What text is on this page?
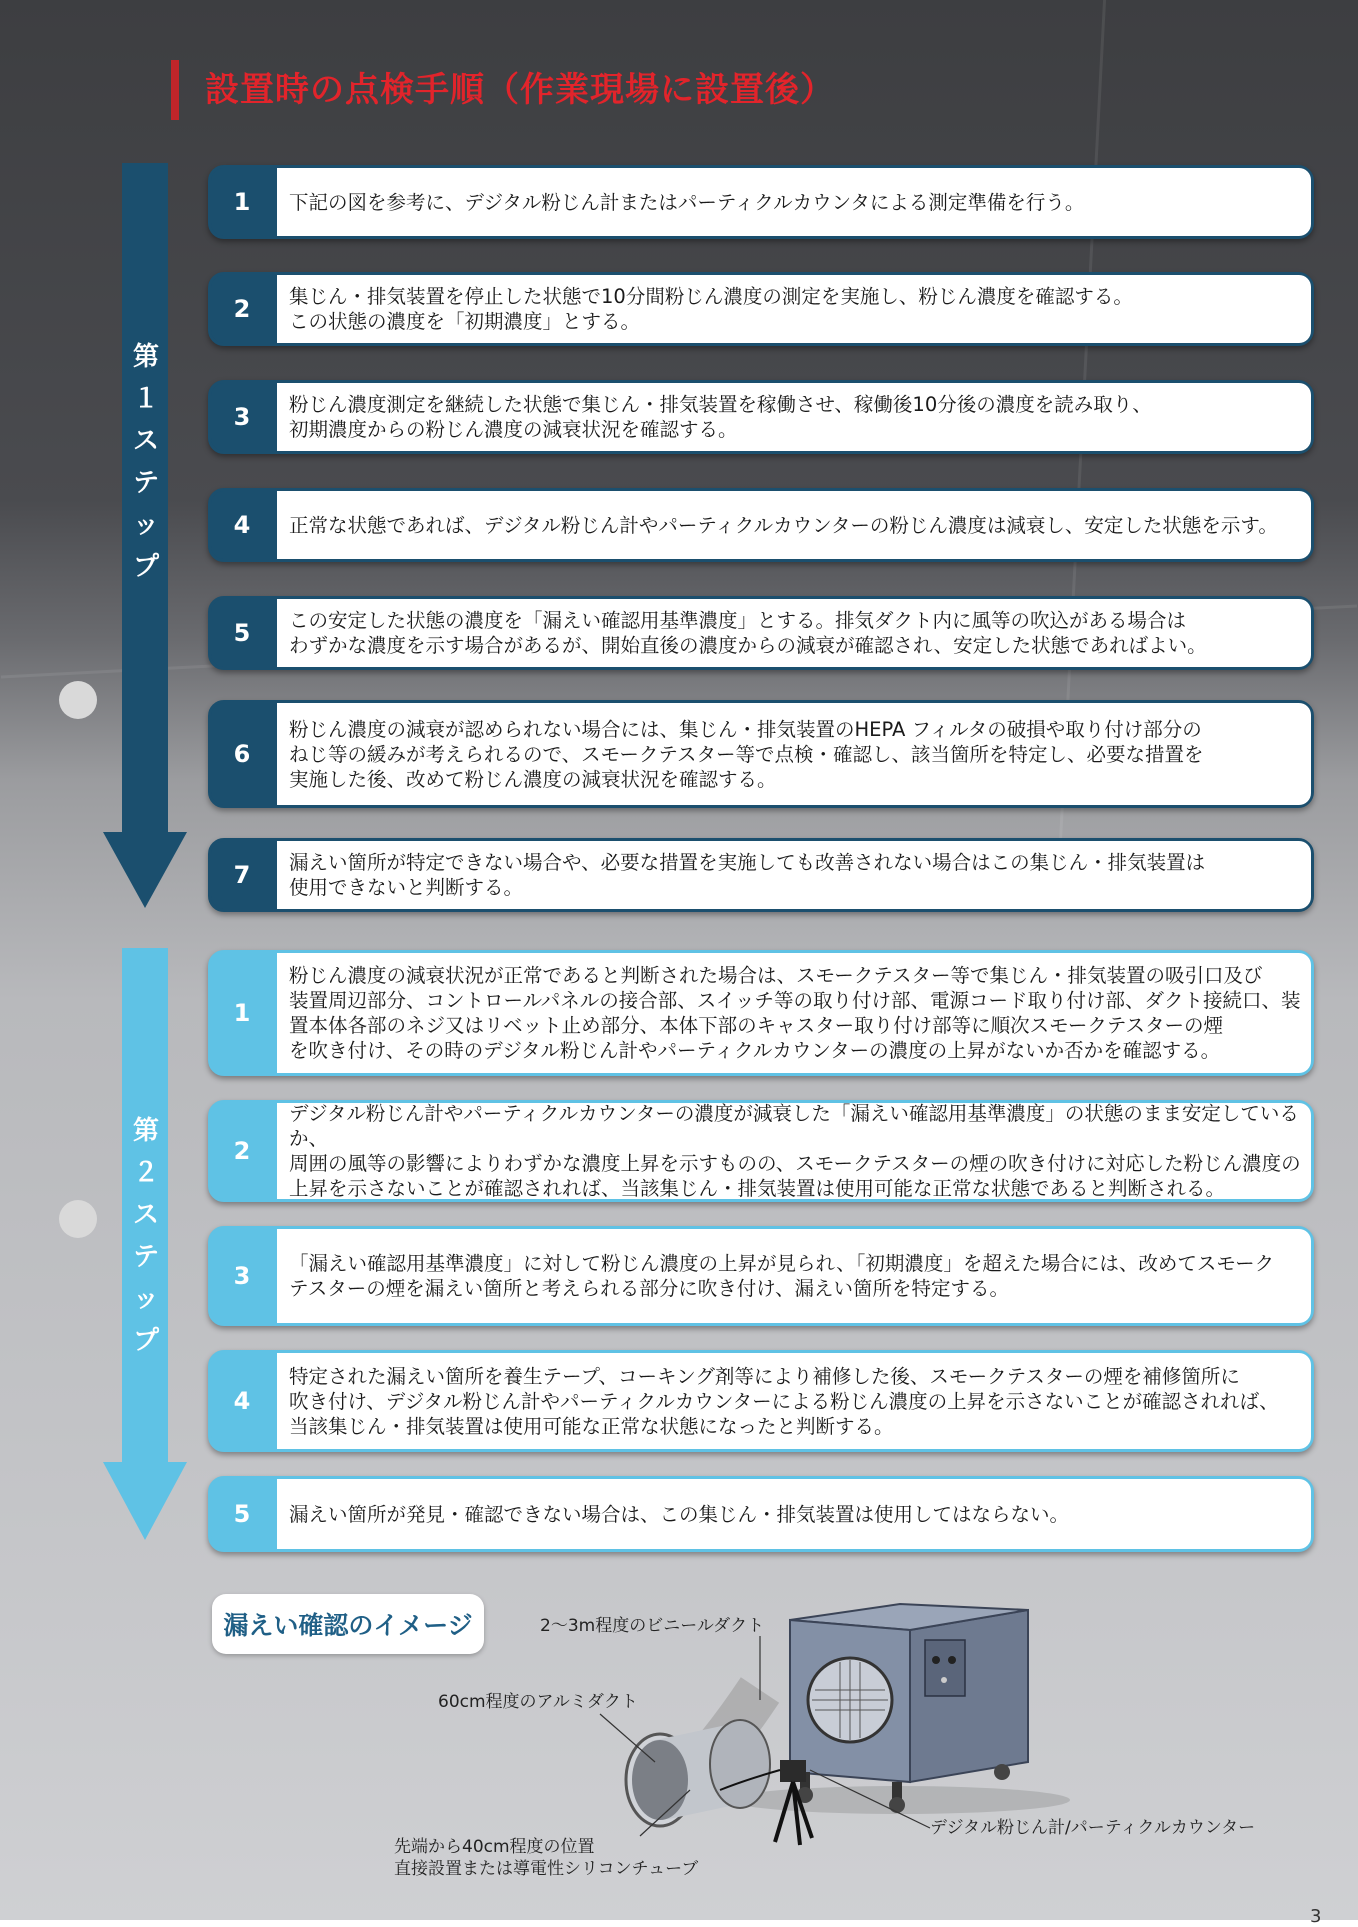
設置時の点検手順（作業現場に設置後）
第
１
ス
テ
ッ
プ
第
２
ス
テ
ッ
プ
1	下記の図を参考に、デジタル粉じん計またはパーティクルカウンタによる測定準備を行う。
2	集じん・排気装置を停止した状態で10分間粉じん濃度の測定を実施し、粉じん濃度を確認する。
この状態の濃度を「初期濃度」とする。
3	粉じん濃度測定を継続した状態で集じん・排気装置を稼働させ、稼働後10分後の濃度を読み取り、
初期濃度からの粉じん濃度の減衰状況を確認する。
4	正常な状態であれば、デジタル粉じん計やパーティクルカウンターの粉じん濃度は減衰し、安定した状態を示す。
5	この安定した状態の濃度を「漏えい確認用基準濃度」とする。排気ダクト内に風等の吹込がある場合は
わずかな濃度を示す場合があるが、開始直後の濃度からの減衰が確認され、安定した状態であればよい。
6
粉じん濃度の減衰が認められない場合には、集じん・排気装置のHEPA フィルタの破損や取り付け部分の
ねじ等の緩みが考えられるので、スモークテスター等で点検・確認し、該当箇所を特定し、必要な措置を
実施した後、改めて粉じん濃度の減衰状況を確認する。
7	漏えい箇所が特定できない場合や、必要な措置を実施しても改善されない場合はこの集じん・排気装置は
使用できないと判断する。
1
粉じん濃度の減衰状況が正常であると判断された場合は、スモークテスター等で集じん・排気装置の吸引口及び
装置周辺部分、コントロールパネルの接合部、スイッチ等の取り付け部、電源コード取り付け部、ダクト接続口、装
置本体各部のネジ又はリベット止め部分、本体下部のキャスター取り付け部等に順次スモークテスターの煙
を吹き付け、その時のデジタル粉じん計やパーティクルカウンターの濃度の上昇がないか否かを確認する。
2
デジタル粉じん計やパーティクルカウンターの濃度が減衰した「漏えい確認用基準濃度」の状態のまま安定しているか、
周囲の風等の影響によりわずかな濃度上昇を示すものの、スモークテスターの煙の吹き付けに対応した粉じん濃度の
上昇を示さないことが確認されれば、当該集じん・排気装置は使用可能な正常な状態であると判断される。
3	「漏えい確認用基準濃度」に対して粉じん濃度の上昇が見られ、「初期濃度」を超えた場合には、改めてスモーク
テスターの煙を漏えい箇所と考えられる部分に吹き付け、漏えい箇所を特定する。
4
特定された漏えい箇所を養生テープ、コーキング剤等により補修した後、スモークテスターの煙を補修箇所に
吹き付け、デジタル粉じん計やパーティクルカウンターによる粉じん濃度の上昇を示さないことが確認されれば、
当該集じん・排気装置は使用可能な正常な状態になったと判断する。
5	漏えい箇所が発見・確認できない場合は、この集じん・排気装置は使用してはならない。
漏えい確認のイメージ	2〜3m程度のビニールダクト
60cm程度のアルミダクト
先端から40cm程度の位置
直接設置または導電性シリコンチューブ
デジタル粉じん計/パーティクルカウンター
3
